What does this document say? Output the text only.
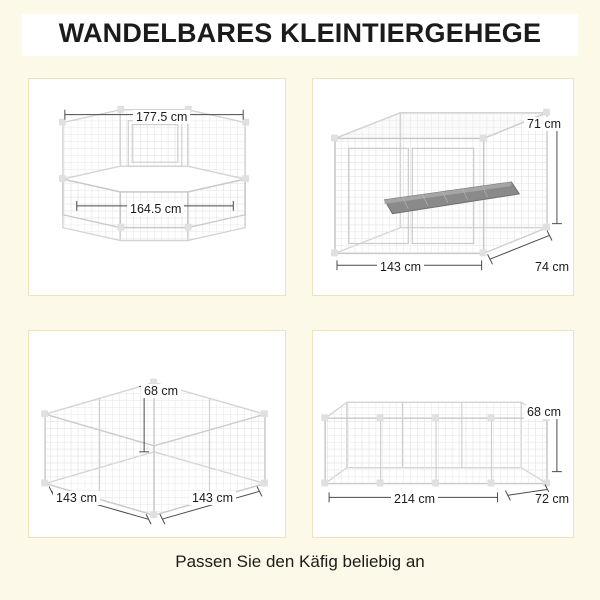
WANDELBARES KLEINTIERGEHEGE
177.5 cm
164.5 cm
71 cm
143 cm	74 cm
68 cm
143 cm	143 cm
68 cm
214 cm	72 cm
Passen Sie den Käfig beliebig an
